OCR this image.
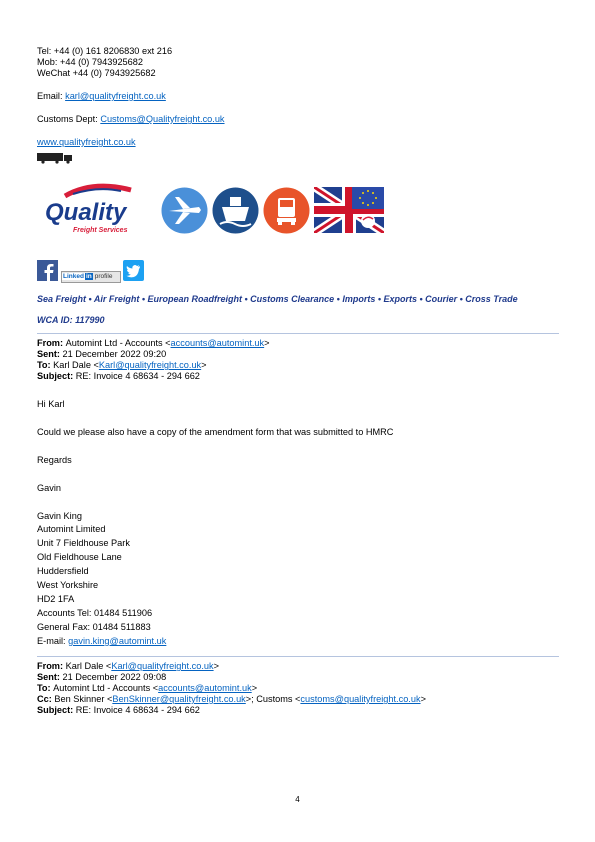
Tel: +44 (0) 161 8206830 ext 216
Mob: +44 (0) 7943925682
WeChat +44 (0) 7943925682
Email: karl@qualityfreight.co.uk
Customs Dept: Customs@Qualityfreight.co.uk
www.qualityfreight.co.uk
Quality
Freight Services
Linked in profile
Sea Freight • Air Freight • European Roadfreight • Customs Clearance • Imports • Exports • Courier • Cross Trade
WCA ID: 117990
From: Automint Ltd - Accounts <accounts@automint.uk>
Sent: 21 December 2022 09:20
To: Karl Dale <Karl@qualityfreight.co.uk>
Subject: RE: Invoice 4 68634 - 294 662
Hi Karl
Could we please also have a copy of the amendment form that was submitted to HMRC
Regards
Gavin
Gavin King
Automint Limited
Unit 7 Fieldhouse Park
Old Fieldhouse Lane
Huddersfield
West Yorkshire
HD2 1FA
Accounts Tel: 01484 511906
General Fax: 01484 511883
E-mail: gavin.king@automint.uk
From: Karl Dale <Karl@qualityfreight.co.uk>
Sent: 21 December 2022 09:08
To: Automint Ltd - Accounts <accounts@automint.uk>
Cc: Ben Skinner <BenSkinner@qualityfreight.co.uk>; Customs <customs@qualityfreight.co.uk>
Subject: RE: Invoice 4 68634 - 294 662
4
